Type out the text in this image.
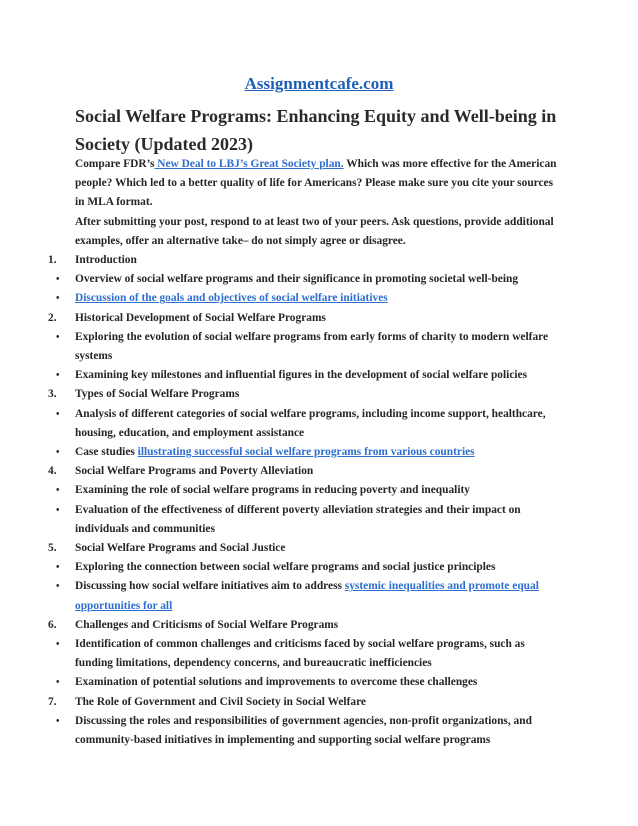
Assignmentcafe.com
Social Welfare Programs: Enhancing Equity and Well-being in Society (Updated 2023)
Compare FDR’s New Deal to LBJ’s Great Society plan. Which was more effective for the American people? Which led to a better quality of life for Americans? Please make sure you cite your sources in MLA format.
After submitting your post, respond to at least two of your peers. Ask questions, provide additional examples, offer an alternative take– do not simply agree or disagree.
1. Introduction
• Overview of social welfare programs and their significance in promoting societal well-being
• Discussion of the goals and objectives of social welfare initiatives
2. Historical Development of Social Welfare Programs
• Exploring the evolution of social welfare programs from early forms of charity to modern welfare systems
• Examining key milestones and influential figures in the development of social welfare policies
3. Types of Social Welfare Programs
• Analysis of different categories of social welfare programs, including income support, healthcare, housing, education, and employment assistance
• Case studies illustrating successful social welfare programs from various countries
4. Social Welfare Programs and Poverty Alleviation
• Examining the role of social welfare programs in reducing poverty and inequality
• Evaluation of the effectiveness of different poverty alleviation strategies and their impact on individuals and communities
5. Social Welfare Programs and Social Justice
• Exploring the connection between social welfare programs and social justice principles
• Discussing how social welfare initiatives aim to address systemic inequalities and promote equal opportunities for all
6. Challenges and Criticisms of Social Welfare Programs
• Identification of common challenges and criticisms faced by social welfare programs, such as funding limitations, dependency concerns, and bureaucratic inefficiencies
• Examination of potential solutions and improvements to overcome these challenges
7. The Role of Government and Civil Society in Social Welfare
• Discussing the roles and responsibilities of government agencies, non-profit organizations, and community-based initiatives in implementing and supporting social welfare programs
